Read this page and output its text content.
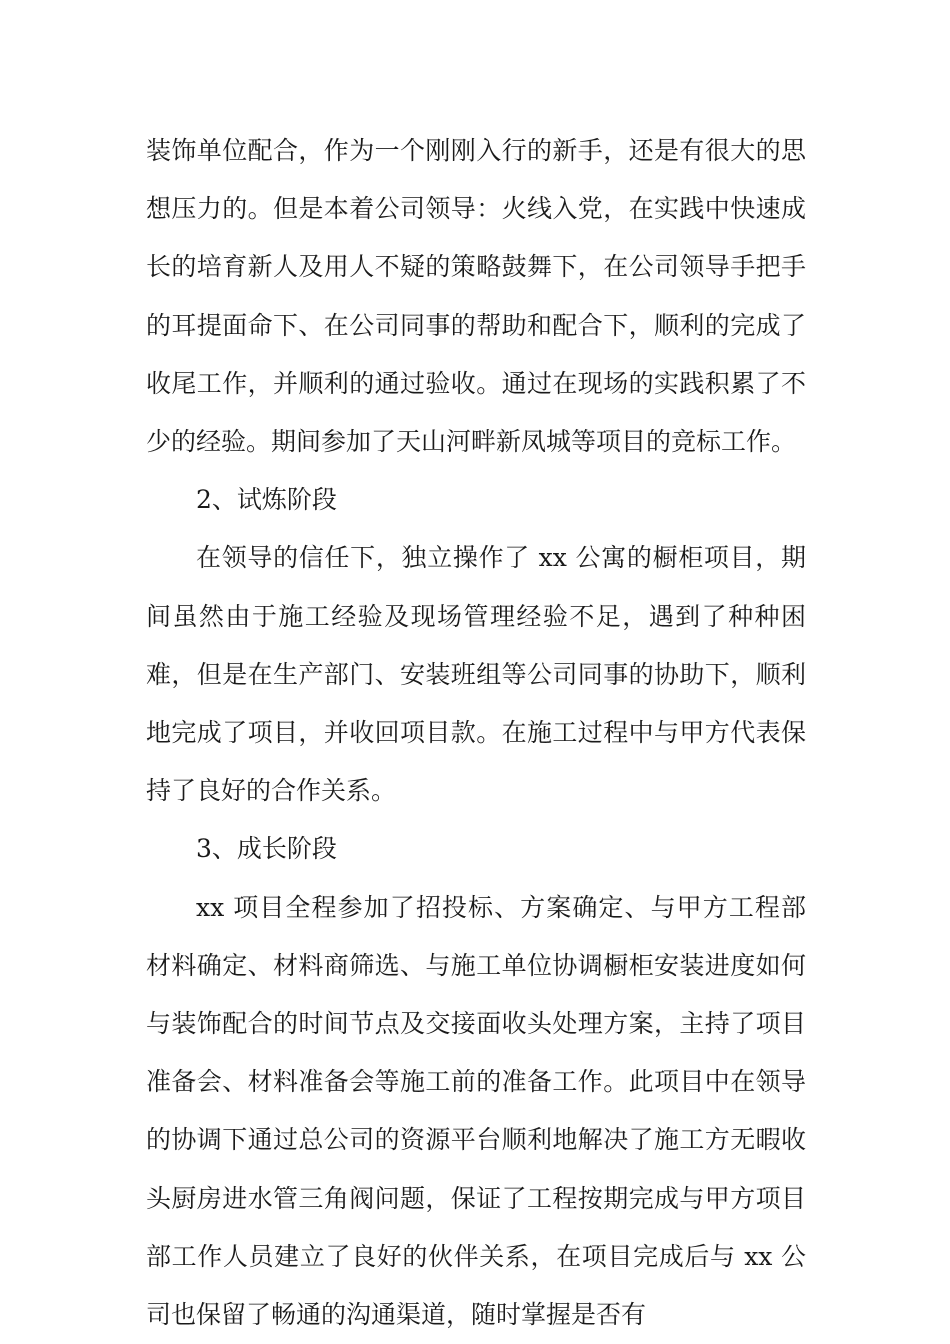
装饰单位配合，作为一个刚刚入行的新手，还是有很大的思想压力的。但是本着公司领导：火线入党，在实践中快速成长的培育新人及用人不疑的策略鼓舞下，在公司领导手把手的耳提面命下、在公司同事的帮助和配合下，顺利的完成了收尾工作，并顺利的通过验收。通过在现场的实践积累了不少的经验。期间参加了天山河畔新凤城等项目的竞标工作。

2、试炼阶段

在领导的信任下，独立操作了 xx 公寓的橱柜项目，期间虽然由于施工经验及现场管理经验不足，遇到了种种困难，但是在生产部门、安装班组等公司同事的协助下，顺利地完成了项目，并收回项目款。在施工过程中与甲方代表保持了良好的合作关系。

3、成长阶段

xx 项目全程参加了招投标、方案确定、与甲方工程部材料确定、材料商筛选、与施工单位协调橱柜安装进度如何与装饰配合的时间节点及交接面收头处理方案，主持了项目准备会、材料准备会等施工前的准备工作。此项目中在领导的协调下通过总公司的资源平台顺利地解决了施工方无暇收头厨房进水管三角阀问题，保证了工程按期完成与甲方项目部工作人员建立了良好的伙伴关系，在项目完成后与 xx 公司也保留了畅通的沟通渠道，随时掌握是否有
